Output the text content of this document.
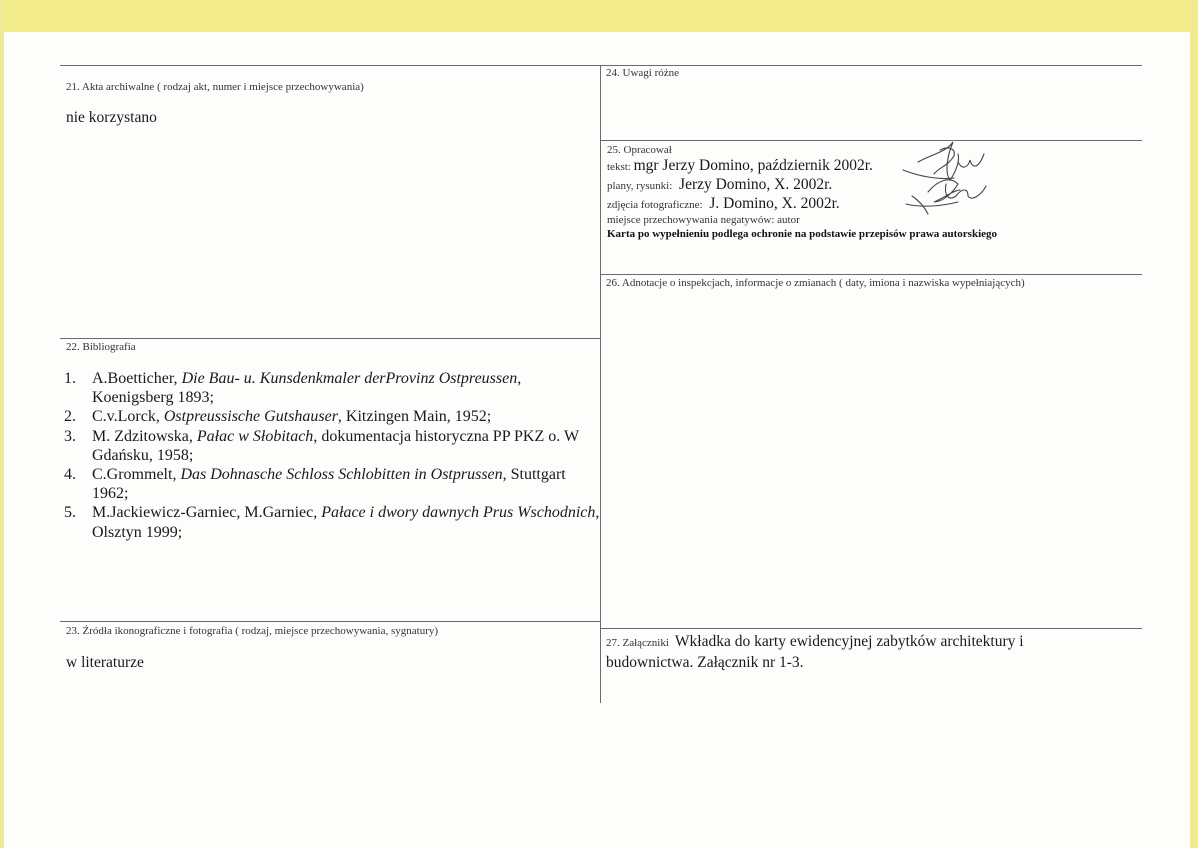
21. Akta archiwalne ( rodzaj akt, numer i miejsce przechowywania)
nie korzystano
22. Bibliografia
1.	A.Boetticher, Die Bau- u. Kunsdenkmaler derProvinz Ostpreussen, Koenigsberg 1893;
2.	C.v.Lorck, Ostpreussische Gutshauser, Kitzingen Main, 1952;
3.	M. Zdzitowska, Pałac w Słobitach, dokumentacja historyczna PP PKZ o. W Gdańsku, 1958;
4.	C.Grommelt, Das Dohnasche Schloss Schlobitten in Ostprussen, Stuttgart 1962;
5.	M.Jackiewicz-Garniec, M.Garniec, Pałace i dwory dawnych Prus Wschodnich, Olsztyn 1999;
23. Źródła ikonograficzne i fotografia ( rodzaj, miejsce przechowywania, sygnatury)
w literaturze
24. Uwagi różne
25. Opracował
tekst: mgr Jerzy Domino, październik 2002r.
plany, rysunki: Jerzy Domino, X. 2002r.
zdjęcia fotograficzne: J. Domino, X. 2002r.
miejsce przechowywania negatywów: autor
Karta po wypełnieniu podlega ochronie na podstawie przepisów prawa autorskiego
26. Adnotacje o inspekcjach, informacje o zmianach ( daty, imiona i nazwiska wypełniających)
27. Załączniki Wkładka do karty ewidencyjnej zabytków architektury i
budownictwa. Załącznik nr 1-3.
